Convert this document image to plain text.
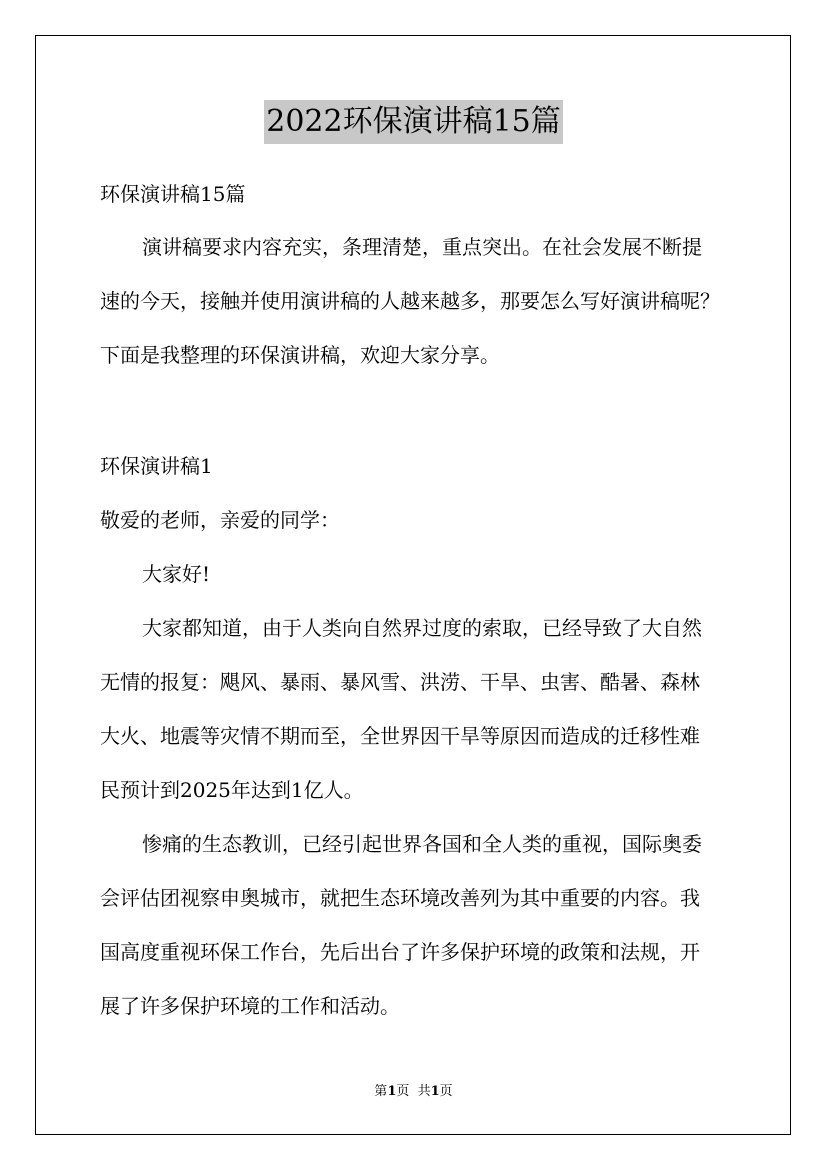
2022环保演讲稿15篇
环保演讲稿15篇
演讲稿要求内容充实，条理清楚，重点突出。在社会发展不断提
速的今天，接触并使用演讲稿的人越来越多，那要怎么写好演讲稿呢？
下面是我整理的环保演讲稿，欢迎大家分享。
环保演讲稿1
敬爱的老师，亲爱的同学：
大家好!
大家都知道，由于人类向自然界过度的索取，已经导致了大自然
无情的报复：飓风、暴雨、暴风雪、洪涝、干旱、虫害、酷暑、森林
大火、地震等灾情不期而至，全世界因干旱等原因而造成的迁移性难
民预计到2025年达到1亿人。
惨痛的生态教训，已经引起世界各国和全人类的重视，国际奥委
会评估团视察申奥城市，就把生态环境改善列为其中重要的内容。我
国高度重视环保工作台，先后出台了许多保护环境的政策和法规，开
展了许多保护环境的工作和活动。
第1页  共1页
